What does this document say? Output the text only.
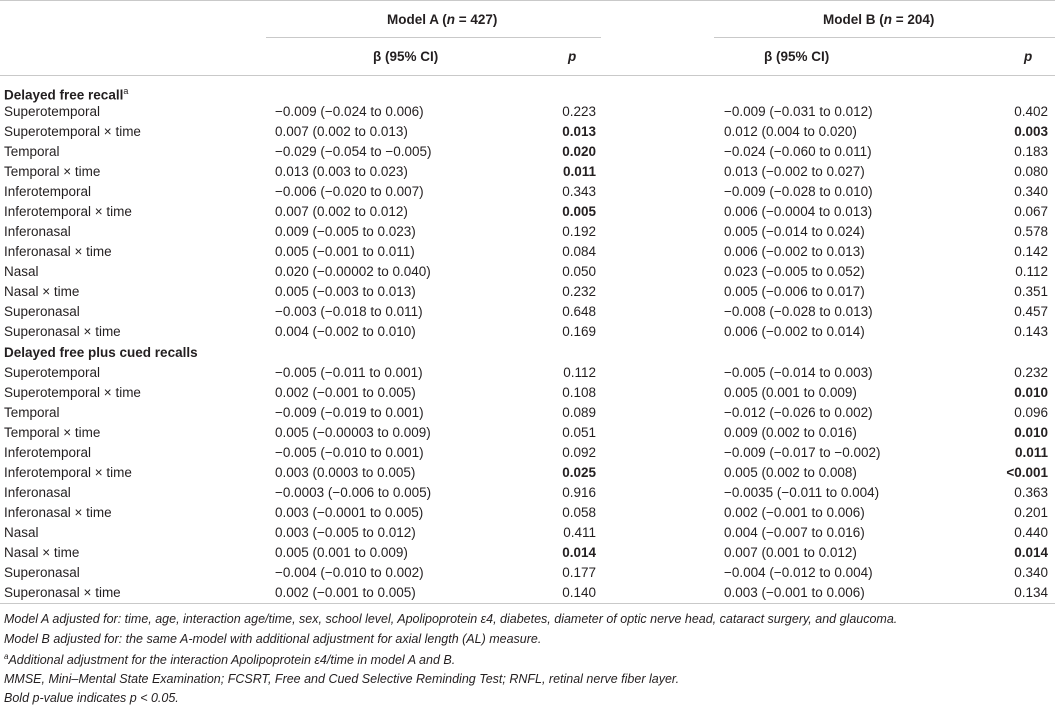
Model A (n = 427)	Model B (n = 204)
β (95% CI)	p	β (95% CI)	p
Delayed free recall$^a$
Delayed free plus cued recalls
Model A adjusted for: time, age, interaction age/time, sex, school level, Apolipoprotein ε4, diabetes, diameter of optic nerve head, cataract surgery, and glaucoma.
Model B adjusted for: the same A-model with additional adjustment for axial length (AL) measure.
$^a$Additional adjustment for the interaction Apolipoprotein ε4/time in model A and B.
MMSE, Mini–Mental State Examination; FCSRT, Free and Cued Selective Reminding Test; RNFL, retinal nerve fiber layer.
Bold p-value indicates p < 0.05.
Superotemporal	−0.009 (−0.024 to 0.006)	0.223	−0.009 (−0.031 to 0.012)	0.402
Superotemporal × time	0.007 (0.002 to 0.013)	0.013	0.012 (0.004 to 0.020)	0.003
Temporal	−0.029 (−0.054 to −0.005)	0.020	−0.024 (−0.060 to 0.011)	0.183
Temporal × time	0.013 (0.003 to 0.023)	0.011	0.013 (−0.002 to 0.027)	0.080
Inferotemporal	−0.006 (−0.020 to 0.007)	0.343	−0.009 (−0.028 to 0.010)	0.340
Inferotemporal × time	0.007 (0.002 to 0.012)	0.005	0.006 (−0.0004 to 0.013)	0.067
Inferonasal	0.009 (−0.005 to 0.023)	0.192	0.005 (−0.014 to 0.024)	0.578
Inferonasal × time	0.005 (−0.001 to 0.011)	0.084	0.006 (−0.002 to 0.013)	0.142
Nasal	0.020 (−0.00002 to 0.040)	0.050	0.023 (−0.005 to 0.052)	0.112
Nasal × time	0.005 (−0.003 to 0.013)	0.232	0.005 (−0.006 to 0.017)	0.351
Superonasal	−0.003 (−0.018 to 0.011)	0.648	−0.008 (−0.028 to 0.013)	0.457
Superonasal × time	0.004 (−0.002 to 0.010)	0.169	0.006 (−0.002 to 0.014)	0.143
Superotemporal	−0.005 (−0.011 to 0.001)	0.112	−0.005 (−0.014 to 0.003)	0.232
Superotemporal × time	0.002 (−0.001 to 0.005)	0.108	0.005 (0.001 to 0.009)	0.010
Temporal	−0.009 (−0.019 to 0.001)	0.089	−0.012 (−0.026 to 0.002)	0.096
Temporal × time	0.005 (−0.00003 to 0.009)	0.051	0.009 (0.002 to 0.016)	0.010
Inferotemporal	−0.005 (−0.010 to 0.001)	0.092	−0.009 (−0.017 to −0.002)	0.011
Inferotemporal × time	0.003 (0.0003 to 0.005)	0.025	0.005 (0.002 to 0.008)	<0.001
Inferonasal	−0.0003 (−0.006 to 0.005)	0.916	−0.0035 (−0.011 to 0.004)	0.363
Inferonasal × time	0.003 (−0.0001 to 0.005)	0.058	0.002 (−0.001 to 0.006)	0.201
Nasal	0.003 (−0.005 to 0.012)	0.411	0.004 (−0.007 to 0.016)	0.440
Nasal × time	0.005 (0.001 to 0.009)	0.014	0.007 (0.001 to 0.012)	0.014
Superonasal	−0.004 (−0.010 to 0.002)	0.177	−0.004 (−0.012 to 0.004)	0.340
Superonasal × time	0.002 (−0.001 to 0.005)	0.140	0.003 (−0.001 to 0.006)	0.134
